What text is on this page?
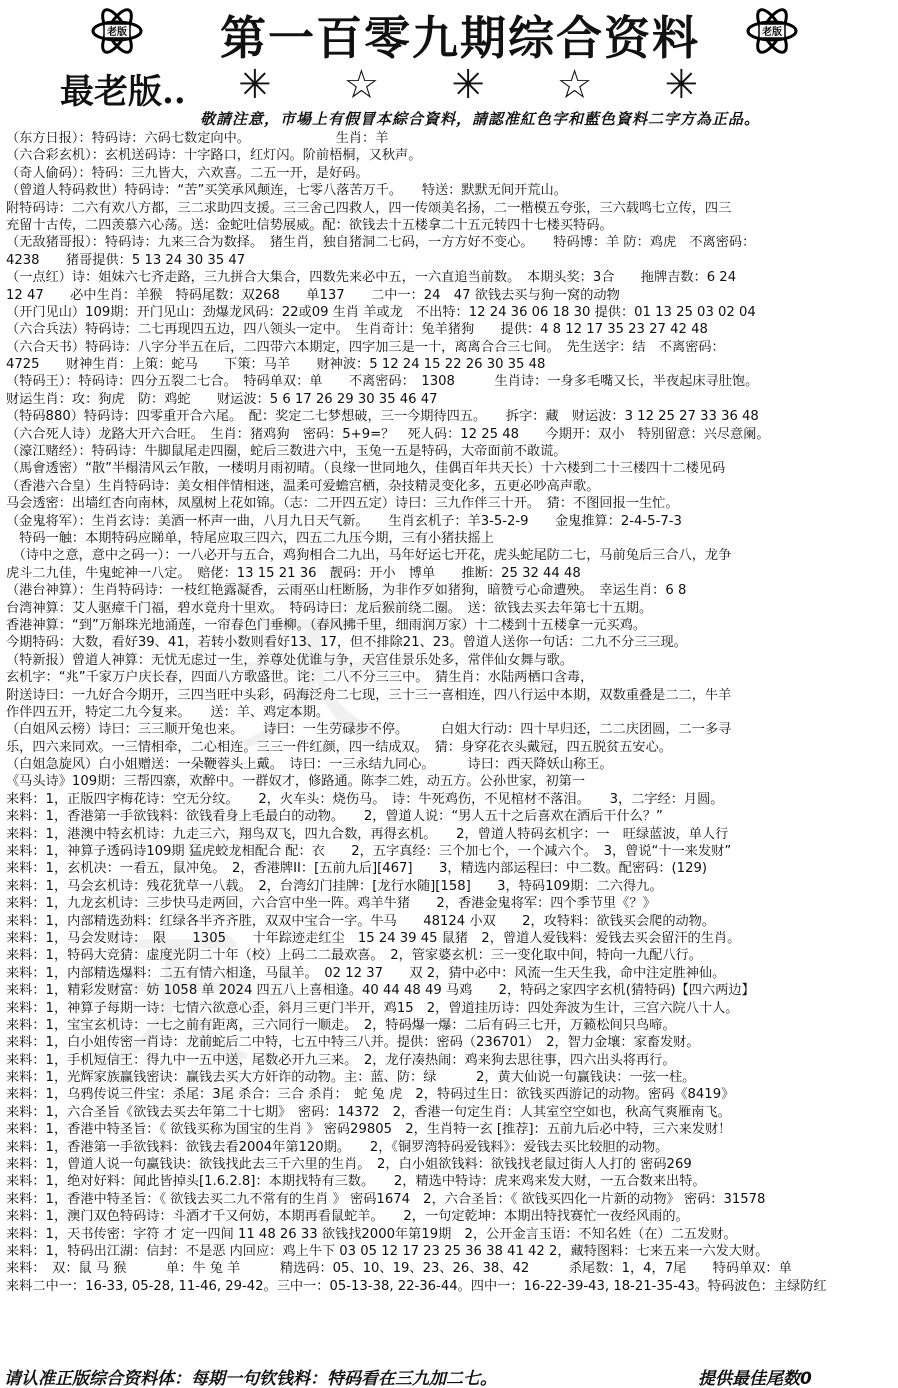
老版	第一百零九期综合资料	老版
最老版.. ✳ ☆ ✳ ☆ ✳
敬請注意，市場上有假冒本綜合資料，請認准紅色字和藍色資料二字方為正品。
天
天
（东方日报）：特码诗：六码七数定向中。　　　　　　　生肖：羊
（六合彩玄机）：玄机送码诗：十字路口，红灯闪。阶前梧桐，又秋声。
（奇人偷码）：特码：三九皆大，六欢喜。二五一开，是好码。
（曾道人特码救世）特码诗：“苦”买笑承风颠连，七零八落苦万千。　　特送：默默无间开荒山。
附特码诗：二六有欢八方都，三二求助四支援。三三舍己四救人，四一传颂美名扬，二一楷模五夸张，三六载鸣七立传，四三
充留十古传，二四羡慕六心荡。送：金蛇吐信势展威。配：欲钱去十五楼拿二十五元转四十七楼买特码。
（无敌猪哥报）：特码诗：九来三合为数择。　猪生肖，独自猪洞二七码，一方方好不变心。　　特码博：羊 防：鸡虎　不离密码：
4238　　猪哥提供：5 13 24 30 35 47
（一点红）诗：姐妹六七齐走路，三九拼合大集合，四数先来必中五，一六直追当前数。　本期头奖：3合　　拖牌吉数：6 24
12 47　　必中生肖：羊猴　特码尾数：双268　　单137　　二中一：24　47 欲钱去买与狗一窝的动物
（开门见山）109期：开门见山：劲爆龙风码：22或09 生肖 羊或龙　不出特：12 24 36 06 18 30 提供：01 13 25 03 02 04
（六合兵法）特码诗：二七再现四五边，四八领头一定中。　生肖奇计：兔羊猪狗　　提供：4 8 12 17 35 23 27 42 48
（六合天书）特码诗：八字分半五在后，二四带六本期定，四字加三是一十，离离合合三七间。　先生送字：结　不离密码：
4725　　财神生肖：上策：蛇马　　下策：马羊　　财神波：5 12 24 15 22 26 30 35 48
（特码王）：特码诗：四分五裂二七合。　特码单双：单　　不离密码：　1308　　　生肖诗：一身多毛嘴又长，半夜起床寻肚饱。
财运生肖：攻：狗虎　防：鸡蛇　　财运波：5 6 17 26 29 30 35 46 47
（特码880）特码诗：四零重开合六尾。　配：奖定二七梦想破，三一今期待四五。　　拆字：藏　财运波：3 12 25 27 33 36 48
（六合死人诗）龙路大开六合旺。　生肖：猪鸡狗　密码：5+9=？　死人码：12 25 48　　今期开：双小　特别留意：兴尽意阑。
（濠江赌经）：特码诗：牛脚鼠尾走四圈，蛇后三数进六中，玉兔一五是特码，大帝面前不敢谎。
（馬會透密）“散”半榻清风云乍散，一楼明月雨初晴。（良缘一世同地久，佳偶百年共天长）十六楼到二十三楼四十二楼见码
（香港六合皇）生肖特码诗：美女相伴情相迷，温柔可爱蟾宫栖，杂技精灵变化多，五更必吵高声歌。
马会透密：出墙红杏向南林，凤凰树上花如锦。（志：二开四五定）诗曰：三九作伴三十开。　猜：不图回报一生忙。
（金鬼将军）：生肖玄诗：美酒一杯声一曲，八月九日天气新。　　生肖玄机子：羊3-5-2-9　　金鬼推算：2-4-5-7-3
　特码一触：本期特码应睇单，特尾应取三四六，四五二九压今期，三有小猪扶摇上
　（诗中之意，意中之码一）：一八必开与五合，鸡狗相合二九出，马年好运七开花，虎头蛇尾防二七，马前兔后三合八，龙争
虎斗二九佳，牛鬼蛇神一八定。　赔佬：13 15 21 36　靓码：开小　博单　　推断：25 32 44 48
（港台神算）：生肖特码诗：一枝红艳露凝香，云雨巫山枉断肠，为非作歹如猪狗，暗赞亏心命遭殃。　幸运生肖：6 8
台湾神算：艾人驱瘴千门福，碧水竟舟十里欢。　特码诗曰：龙后猴前绕二圈。　送：欲钱去买去年第七十五期。
香港神算：“到”万斛珠光地涌莲，一帘春色门垂柳。（春风拂千里，细雨润万家）十二楼到十五楼拿一元买鸡。
今期特码：大数，看好39、41，若转小数则看好13、17，但不排除21、23。曾道人送你一句话：二九不分三三现。
（特新报）曾道人神算：无忧无虑过一生，养尊处优谁与争，天宫佳景乐处多，常伴仙女舞与歌。
玄机字：“兆”千家万户庆长春，四面八方歌盛世。诧：二八不分三三中。　猜生肖：水陆两栖口含毒，
附送诗曰：一九好合今期开，三四当旺中头彩，码海泛舟二七现，三十三一喜相连，四八行运中本期，双数重叠是二二，牛羊
作伴四五开，特定二九今复来。　　送：羊、鸡定本期。
（白姐风云榜）诗曰：三三顺开兔也来。　　诗曰：一生劳碌步不停。　　　白姐大行动：四十早归还，二二庆团圆，二一多寻
乐，四六来同欢。一三情相牵，二心相连。三三一件红颜，四一结成双。　猜：身穿花衣头戴冠，四五脱贫五安心。
（白姐急旋风）白小姐赠送：一朵鞭蓉头上戴。　诗曰：一三永结九同心。　　　诗曰：西天降妖山称王。
《马头诗》109期：三帮四寨，欢醉中。一群奴才，修路通。陈李二姓，动五方。公孙世家，初第一
来料：1，正版四字梅花诗：空无分纹。　　2，火车头：烧伤马。　诗：牛死鸡伤，不见棺材不落泪。　　3，二字经：月圆。
来料：1，香港第一手欲钱料：欲钱看身上毛最白的动物。　　2，曾道人说：“男人五十之后喜欢在酒后干什么？”
来料：1，港澳中特玄机诗：九走三六，翔鸟双飞，四九合数，再得玄机。　　2，曾道人特码玄机字：一　旺绿蓝波，单人行
来料：1，神算子透码诗109期 猛虎蛟龙相配合 配：衣　　2，五字真经：三个加七个，一个减六个。　3，曾说“十一来发财”
来料：1，玄机决：一看五，鼠冲兔。　2，香港牌II：[五前九后][467]　　3，精选内部运程曰：中二数。配密码：(129)
来料：1，马会玄机诗：残花犹草一八载。　2，台湾幻门挂牌：[龙行水随][158]　　3，特码109期：二六得九。
来料：1，九龙玄机诗：三步快马走两回，六合宫中坐一阵。鸡羊牛猪　　2，香港金鬼将军：四个季节里《？》
来料：1，内部精选劲料：红绿各半齐齐胜，双双中宝合一字。牛马　　48124 小双　　2，攻特料：欲钱买会爬的动物。
来料：1，马会发财诗：　限　　1305　　十年踪迹走红尘　15 24 39 45 鼠猪　2，曾道人爱钱料：爱钱去买会留汗的生肖。
来料：1，特码大竞猜：虚度光阴二十年（校）上码二二最欢喜。　2，管家婆玄机：三一变化取中间，特向一九配八行。
来料：1，内部精选爆料：二五有情六相逢，马鼠羊。　02 12 37　　双 2，猜中必中：风流一生天生我，命中注定胜神仙。
来料：1，精彩发财富：妨 1058 单 2024 四五八上喜相逢。40 44 48 49 马鸡　　2，特码之家四字玄机(猜特码)【四六两边】
来料：1，神算子每期一诗：七情六欲意心歪，斜月三更门半开，鸡15　2，曾道挂历诗：四处奔波为生计，三宫六院八十人。
来料：1，宝宝玄机诗：一七之前有距离，三六同行一顺走。　2，特码爆一爆：二后有码三七开，万籁松间只鸟啼。
来料：1，白小姐传密一肖诗：龙前蛇后二中特，七五中特三八并。提供：密码（236701）　2，智力金壤：家畜发财。
来料：1，手机短信王：得九中一五中送，尾数必开九三来。　2，龙仔凑热闹：鸡来狗去思往事，四六出头将再行。
来料：1，光辉家族赢钱密诀：赢钱去买大方奸诈的动物。主：蓝、防：绿　　　2，黄大仙说一句赢钱诀：一弦一柱。
来料：1，乌鸦传说三件宝：杀尾：3尾 杀合：三合 杀肖：　蛇 兔 虎　2，特码过生日：欲钱买西游记的动物。密码《8419》
来料：1，六合圣旨《欲钱去买去年第二十七期》　密码：14372　2，香港一句定生肖：人其室空空如也，秋高气爽雁南飞。
来料：1，香港中特圣旨：《 欲钱买称为国宝的生肖 》 密码29805　2，生肖特一玄 [推荐]：五前九后必中特，三六来发财！
来料：1，香港第一手欲钱料：欲钱去看2004年第120期。　　2，《铜罗湾特码爱钱料》：爱钱去买比较胆的动物。
来料：1，曾道人说一句赢钱诀：欲钱找此去三千六里的生肖。　2，白小姐欲钱料：欲钱找老鼠过街人人打的 密码269
来料：1，绝对好料：闻此皆掉头[1.6.2.8]：本期找特有三数。　　2，精选中特诗：虎来鸡来发大财，一五合数来出特。
来料：1，香港中特圣旨：《 欲钱去买二九不常有的生肖 》 密码1674　2，六合圣旨：《 欲钱买四化一片新的动物》 密码：31578
来料：1，澳门双色特码诗：斗酒才千又何妨，本期再看鼠蛇羊。　　2，一句定乾坤：本期出特找赛忙一夜经风雨的。
来料：1，天书传密：字符 才 定一四间 11 48 26 33 欲钱找2000年第19期　2，公开金言玉语：不知名姓（在）二五发财。
来料：1，特码出江湖：信封：不是恶 内回应：鸡上牛下 03 05 12 17 23 25 36 38 41 42 2，藏特图料：七来五来一六发大财。
来料：　双：鼠 马 猴　　　单：牛 兔 羊　　　精选码：05、10、19、23、26、38、42　　　杀尾数：1，4，7尾　　特码单双：单
来料二中一：16-33, 05-28, 11-46, 29-42。三中一：05-13-38, 22-36-44。四中一：16-22-39-43, 18-21-35-43。特码波色：主绿防红
请认准正版综合资料体：每期一句钦钱料：特码看在三九加二七。	提供最佳尾数0
